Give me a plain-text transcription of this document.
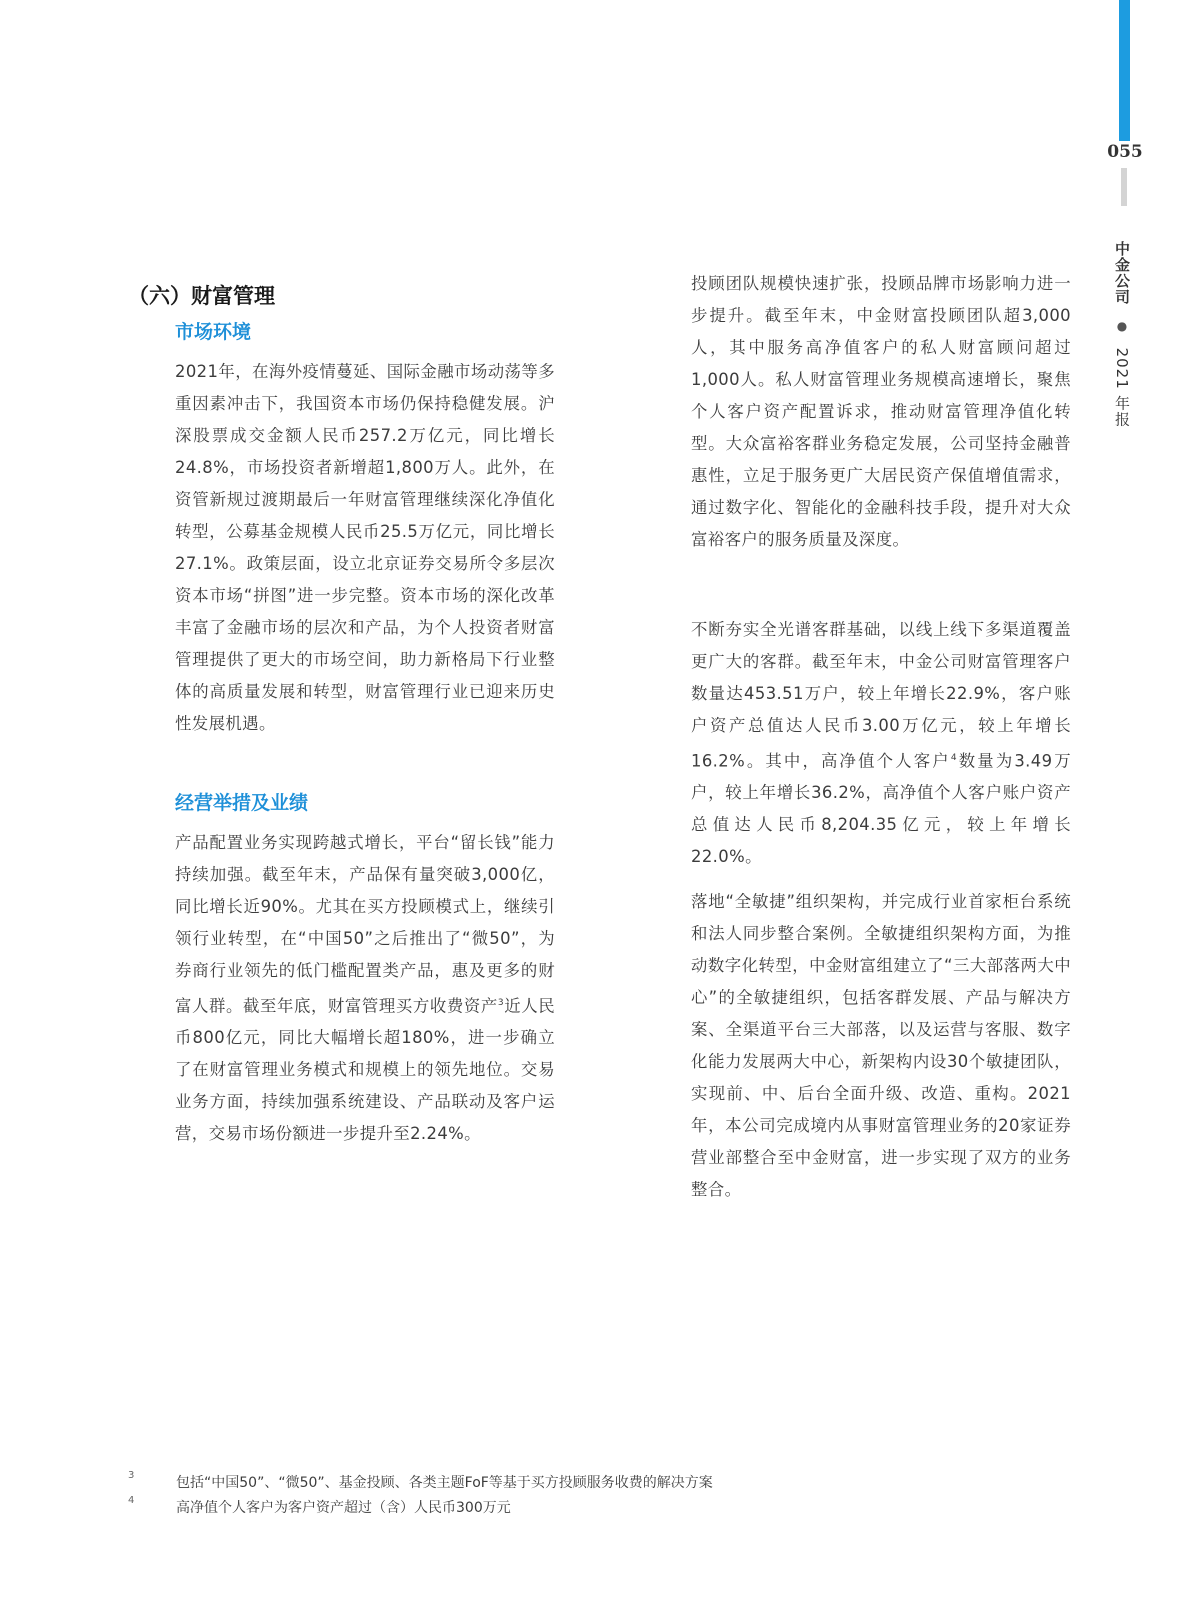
055
中金公司 ● 2021 年报
（六）财富管理
市场环境

2021年，在海外疫情蔓延、国际金融市场动荡等多重因素冲击下，我国资本市场仍保持稳健发展。沪深股票成交金额人民币257.2万亿元，同比增长24.8%，市场投资者新增超1,800万人。此外，在资管新规过渡期最后一年财富管理继续深化净值化转型，公募基金规模人民币25.5万亿元，同比增长27.1%。政策层面，设立北京证券交易所令多层次资本市场“拼图”进一步完整。资本市场的深化改革丰富了金融市场的层次和产品，为个人投资者财富管理提供了更大的市场空间，助力新格局下行业整体的高质量发展和转型，财富管理行业已迎来历史性发展机遇。

经营举措及业绩

产品配置业务实现跨越式增长，平台“留长钱”能力持续加强。截至年末，产品保有量突破3,000亿，同比增长近90%。尤其在买方投顾模式上，继续引领行业转型，在“中国50”之后推出了“微50”，为券商行业领先的低门槛配置类产品，惠及更多的财富人群。截至年底，财富管理买方收费资产$^3$近人民币800亿元，同比大幅增长超180%，进一步确立了在财富管理业务模式和规模上的领先地位。交易业务方面，持续加强系统建设、产品联动及客户运营，交易市场份额进一步提升至2.24%。

投顾团队规模快速扩张，投顾品牌市场影响力进一步提升。截至年末，中金财富投顾团队超3,000人，其中服务高净值客户的私人财富顾问超过1,000人。私人财富管理业务规模高速增长，聚焦个人客户资产配置诉求，推动财富管理净值化转型。大众富裕客群业务稳定发展，公司坚持金融普惠性，立足于服务更广大居民资产保值增值需求，通过数字化、智能化的金融科技手段，提升对大众富裕客户的服务质量及深度。

不断夯实全光谱客群基础，以线上线下多渠道覆盖更广大的客群。截至年末，中金公司财富管理客户数量达453.51万户，较上年增长22.9%，客户账户资产总值达人民币3.00万亿元，较上年增长16.2%。其中，高净值个人客户$^4$数量为3.49万户，较上年增长36.2%，高净值个人客户账户资产总值达人民币8,204.35亿元，较上年增长22.0%。

落地“全敏捷”组织架构，并完成行业首家柜台系统和法人同步整合案例。全敏捷组织架构方面，为推动数字化转型，中金财富组建立了“三大部落两大中心”的全敏捷组织，包括客群发展、产品与解决方案、全渠道平台三大部落，以及运营与客服、数字化能力发展两大中心，新架构内设30个敏捷团队，实现前、中、后台全面升级、改造、重构。2021年，本公司完成境内从事财富管理业务的20家证券营业部整合至中金财富，进一步实现了双方的业务整合。

3	包括“中国50”、“微50”、基金投顾、各类主题FoF等基于买方投顾服务收费的解决方案
4	高净值个人客户为客户资产超过（含）人民币300万元
